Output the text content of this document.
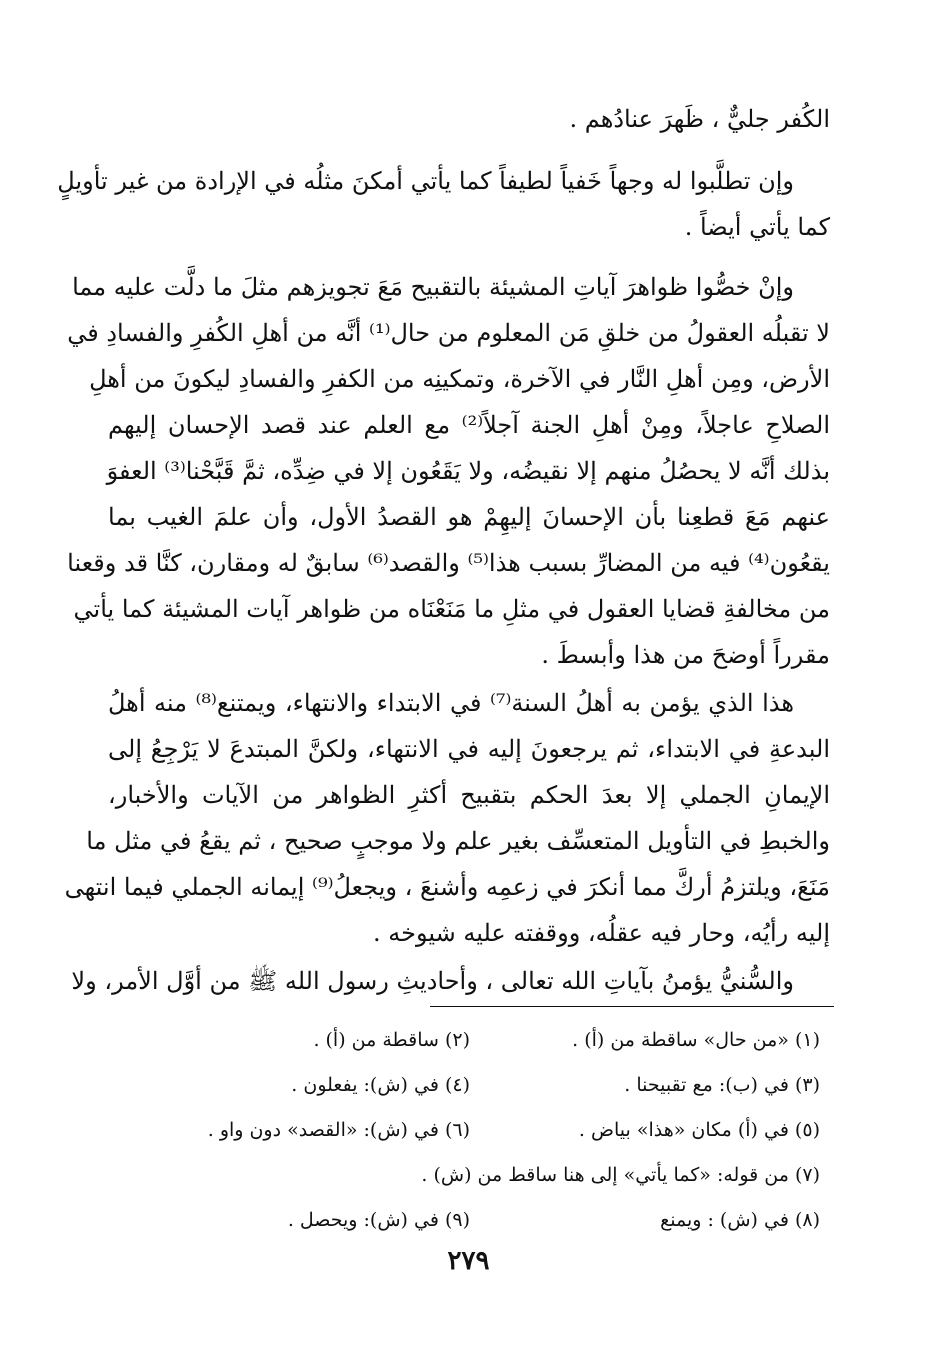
الكُفر جليٌّ ، ظَهرَ عنادُهم .
وإن تطلَّبوا له وجهاً خَفياً لطيفاً كما يأتي أمكنَ مثلُه في الإرادة من غير تأويلٍ
كما يأتي أيضاً .
وإنْ خصُّوا ظواهرَ آياتِ المشيئة بالتقبيح مَعَ تجويزهم مثلَ ما دلَّت عليه مما
لا تقبلُه العقولُ من خلقِ مَن المعلوم من حال⁽¹⁾ أنَّه من أهلِ الكُفرِ والفسادِ في
الأرض، ومِن أهلِ النَّار في الآخرة، وتمكينِه من الكفرِ والفسادِ ليكونَ من أهلِ
الصلاحِ عاجلاً، ومِنْ أهلِ الجنة آجلاً⁽²⁾ مع العلم عند قصد الإحسان إليهم
بذلك أنَّه لا يحصُلُ منهم إلا نقيضُه، ولا يَقَعُون إلا في ضِدِّه، ثمَّ قَبَّحْنا⁽³⁾ العفوَ
عنهم مَعَ قطعِنا بأن الإحسانَ إليهِمْ هو القصدُ الأول، وأن علمَ الغيب بما
يقعُون⁽⁴⁾ فيه من المضارِّ بسبب هذا⁽⁵⁾ والقصد⁽⁶⁾ سابقٌ له ومقارن، كنَّا قد وقعنا
من مخالفةِ قضايا العقول في مثلِ ما مَنَعْنَاه من ظواهر آيات المشيئة كما يأتي
مقرراً أوضحَ من هذا وأبسطَ .
هذا الذي يؤمن به أهلُ السنة⁽⁷⁾ في الابتداء والانتهاء، ويمتنع⁽⁸⁾ منه أهلُ
البدعةِ في الابتداء، ثم يرجعونَ إليه في الانتهاء، ولكنَّ المبتدعَ لا يَرْجِعُ إلى
الإيمانِ الجملي إلا بعدَ الحكم بتقبيح أكثرِ الظواهر من الآيات والأخبار،
والخبطِ في التأويل المتعسِّف بغير علم ولا موجبٍ صحيح ، ثم يقعُ في مثل ما
مَنَعَ، ويلتزمُ أركَّ مما أنكرَ في زعمِه وأشنعَ ، ويجعلُ⁽⁹⁾ إيمانه الجملي فيما انتهى
إليه رأيُه، وحار فيه عقلُه، ووقفته عليه شيوخه .
والسُّنيُّ يؤمنُ بآياتِ الله تعالى ، وأحاديثِ رسول الله ﷺ من أوَّل الأمر، ولا
(١) «من حال» ساقطة من (أ) .
(٢) ساقطة من (أ) .
(٣) في (ب): مع تقبيحنا .
(٤) في (ش): يفعلون .
(٥) في (أ) مكان «هذا» بياض .
(٦) في (ش): «القصد» دون واو .
(٧) من قوله: «كما يأتي» إلى هنا ساقط من (ش) .
(٨) في (ش) : ويمنع
(٩) في (ش): ويحصل .
٢٧٩
